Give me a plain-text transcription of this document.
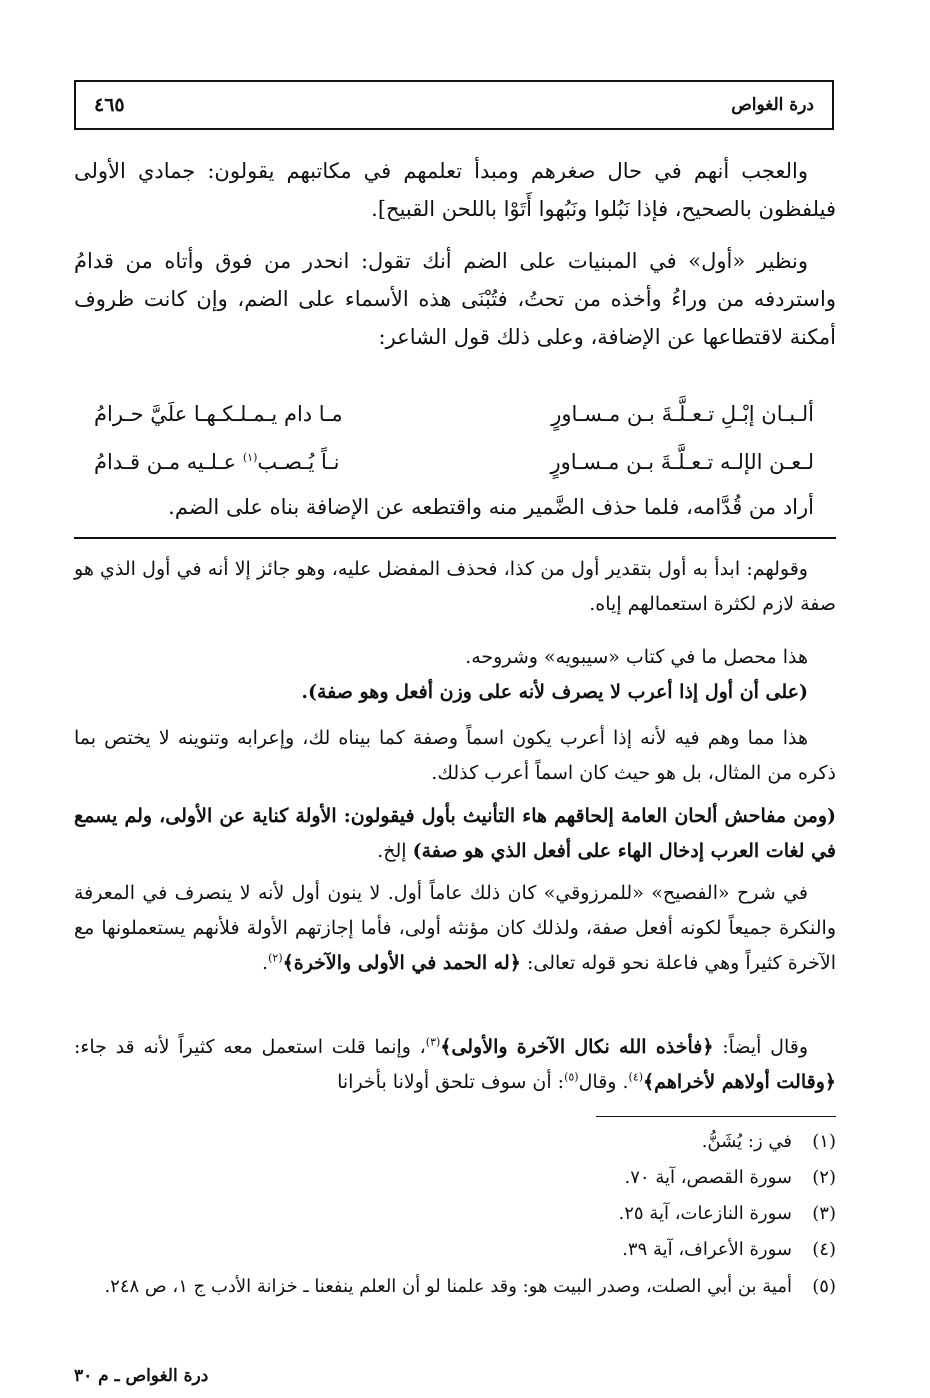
درة الغواص
٤٦٥

والعجب أنهم في حال صغرهم ومبدأ تعلمهم في مكاتبهم يقولون: جمادي الأولى فيلفظون بالصحيح، فإذا نَبُلوا ونَبُهوا أَتَوْا باللحن القبيح].

ونظير «أول» في المبنيات على الضم أنك تقول: انحدر من فوق وأتاه من قدامُ واستردفه من وراءُ وأخذه من تحتُ، فتُبْنَى هذه الأسماء على الضم، وإن كانت ظروف أمكنة لاقتطاعها عن الإضافة، وعلى ذلك قول الشاعر:

ألـبـان إبْـلِ تـعـلَّـةَ بـن مـسـاورٍ
مـا دام يـمـلـكـهـا علَيَّ حـرامُ
لـعـن الإلـه تـعـلَّـةَ بـن مـسـاورٍ
نـاً يُـصـب$^{(١)}$ عـلـيه مـن قـدامُ
أراد من قُدَّامه، فلما حذف الضَّمير منه واقتطعه عن الإضافة بناه على الضم.

وقولهم: ابدأ به أول بتقدير أول من كذا، فحذف المفضل عليه، وهو جائز إلا أنه في أول الذي هو صفة لازم لكثرة استعمالهم إياه.

هذا محصل ما في كتاب «سيبويه» وشروحه.

(على أن أول إذا أعرب لا يصرف لأنه على وزن أفعل وهو صفة).

هذا مما وهم فيه لأنه إذا أعرب يكون اسماً وصفة كما بيناه لك، وإعرابه وتنوينه لا يختص بما ذكره من المثال، بل هو حيث كان اسماً أعرب كذلك.

(ومن مفاحش ألحان العامة إلحاقهم هاء التأنيث بأول فيقولون: الأولة كناية عن الأولى، ولم يسمع في لغات العرب إدخال الهاء على أفعل الذي هو صفة) إلخ.

في شرح «الفصيح» «للمرزوقي» كان ذلك عاماً أول. لا ينون أول لأنه لا ينصرف في المعرفة والنكرة جميعاً لكونه أفعل صفة، ولذلك كان مؤنثه أولى، فأما إجازتهم الأولة فلأنهم يستعملونها مع الآخرة كثيراً وهي فاعلة نحو قوله تعالى: ﴿له الحمد في الأولى والآخرة﴾$^{(٢)}$.

وقال أيضاً: ﴿فأخذه الله نكال الآخرة والأولى﴾$^{(٣)}$، وإنما قلت استعمل معه كثيراً لأنه قد جاء: ﴿وقالت أولاهم لأخراهم﴾$^{(٤)}$. وقال$^{(٥)}$: أن سوف تلحق أولانا بأخرانا

(١)
في ز: يُشَنُّ.
(٢)
سورة القصص، آية ٧٠.
(٣)
سورة النازعات، آية ٢٥.
(٤)
سورة الأعراف، آية ٣٩.
(٥)
أمية بن أبي الصلت، وصدر البيت هو: وقد علمنا لو أن العلم ينفعنا ـ خزانة الأدب ج ١، ص ٢٤٨.
درة الغواص ـ م ٣٠
